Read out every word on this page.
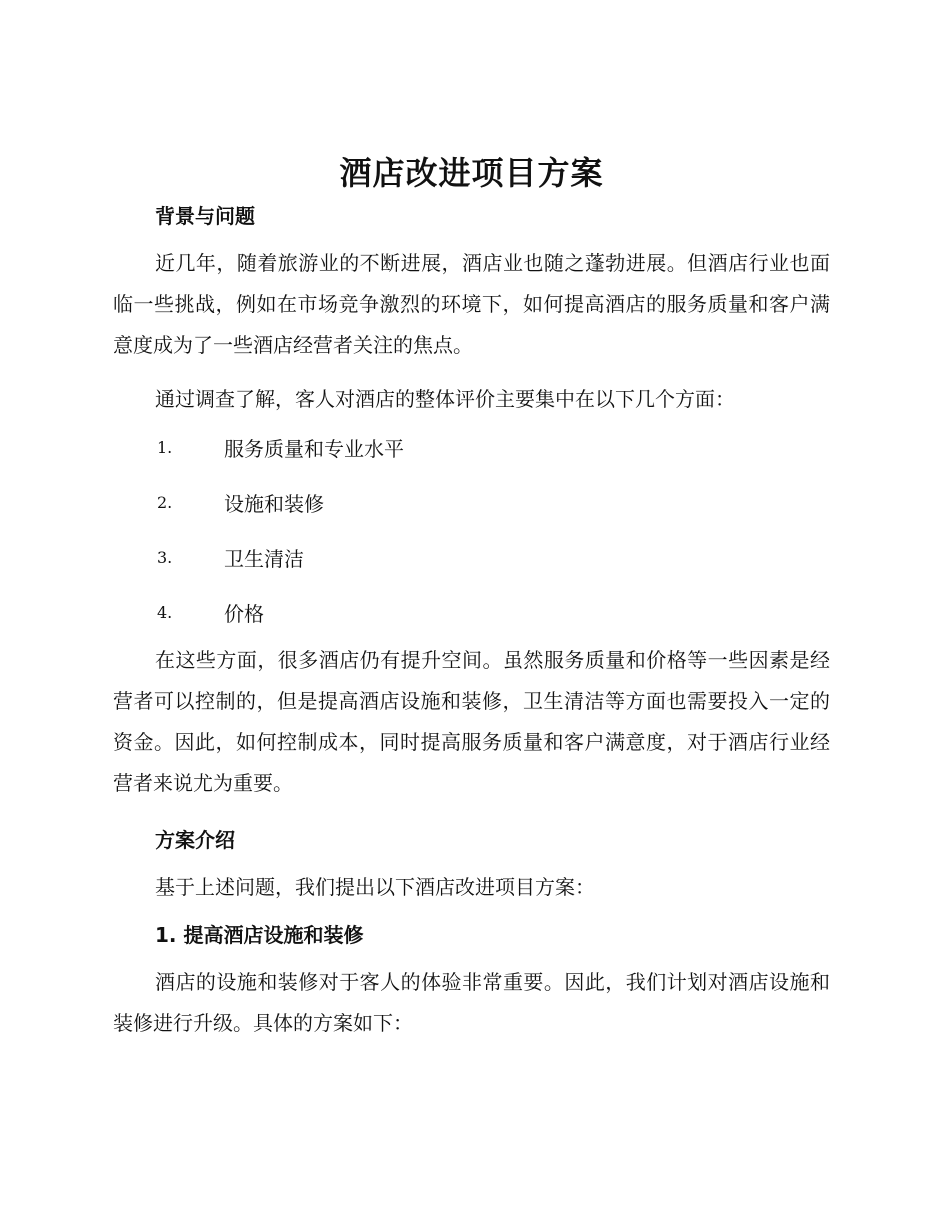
酒店改进项目方案
背景与问题

近几年，随着旅游业的不断进展，酒店业也随之蓬勃进展。但酒店行业也面临一些挑战，例如在市场竞争激烈的环境下，如何提高酒店的服务质量和客户满意度成为了一些酒店经营者关注的焦点。

通过调查了解，客人对酒店的整体评价主要集中在以下几个方面：

1.	服务质量和专业水平
2.	设施和装修
3.	卫生清洁
4.	价格

在这些方面，很多酒店仍有提升空间。虽然服务质量和价格等一些因素是经营者可以控制的，但是提高酒店设施和装修，卫生清洁等方面也需要投入一定的资金。因此，如何控制成本，同时提高服务质量和客户满意度，对于酒店行业经营者来说尤为重要。

方案介绍

基于上述问题，我们提出以下酒店改进项目方案：

1. 提高酒店设施和装修

酒店的设施和装修对于客人的体验非常重要。因此，我们计划对酒店设施和装修进行升级。具体的方案如下：
